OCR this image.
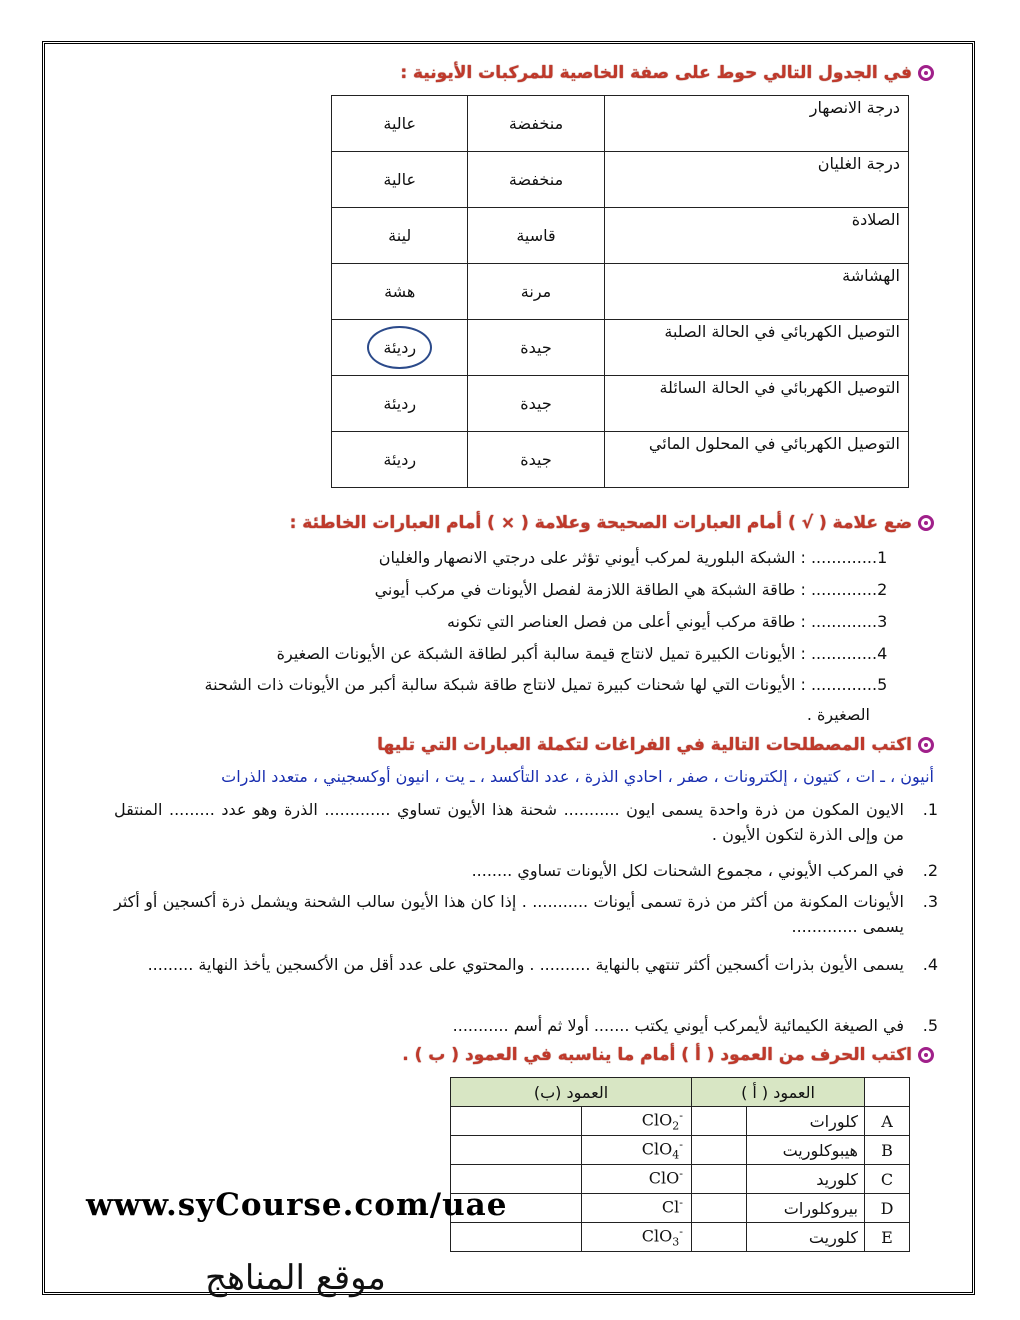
في الجدول التالي حوط على صفة الخاصية للمركبات الأيونية :
عالية	منخفضة	درجة الانصهار
عالية	منخفضة	درجة الغليان
لينة	قاسية	الصلادة
هشة	مرنة	الهشاشة
رديئة	جيدة	التوصيل الكهربائي في الحالة الصلبة
رديئة	جيدة	التوصيل الكهربائي في الحالة السائلة
رديئة	جيدة	التوصيل الكهربائي في المحلول المائي
ضع علامة ( √ ) أمام العبارات الصحيحة وعلامة ( × ) أمام العبارات الخاطئة :
1............. : الشبكة البلورية لمركب أيوني تؤثر على درجتي الانصهار والغليان
2............. : طاقة الشبكة هي الطاقة اللازمة لفصل الأيونات في مركب أيوني
3............. : طاقة مركب أيوني أعلى من فصل العناصر التي تكونه
4............. : الأيونات الكبيرة تميل لانتاج قيمة سالبة أكبر لطاقة الشبكة عن الأيونات الصغيرة
5............. : الأيونات التي لها شحنات كبيرة تميل لانتاج طاقة شبكة سالبة أكبر من الأيونات ذات الشحنة
الصغيرة .
اكتب المصطلحات التالية في الفراغات لتكملة العبارات التي تليها
أنيون ، ـ ات ، كتيون ، إلكترونات ، صفر ، احادي الذرة ، عدد التأكسد ، ـ يت ، انيون أوكسجيني ، متعدد الذرات
1.
الايون المكون من ذرة واحدة يسمى ايون ........... شحنة هذا الأيون تساوي ............. الذرة وهو عدد ......... المنتقل من وإلى الذرة لتكون الأيون .
2.
في المركب الأيوني ، مجموع الشحنات لكل الأيونات تساوي ........
3.
الأيونات المكونة من أكثر من ذرة تسمى أيونات ........... . إذا كان هذا الأيون سالب الشحنة ويشمل ذرة أكسجين أو أكثر يسمى .............
4.
يسمى الأيون بذرات أكسجين أكثر تنتهي بالنهاية .......... . والمحتوي على عدد أقل من الأكسجين يأخذ النهاية .........
5.
في الصيغة الكيمائية لأيمركب أيوني يكتب ....... أولا ثم أسم ...........
اكتب الحرف من العمود ( أ ) أمام ما يناسبه في العمود ( ب ) .
العمود (ب)		العمود ( أ )		
	ClO$_2$-		كلورات	A
	ClO$_4$-		هيبوكلوريت	B
	ClO-		كلوريد	C
	Cl-		بيروكلورات	D
	ClO$_3$-		كلوريت	E
www.syCourse.com/uae
موقع المناهج
